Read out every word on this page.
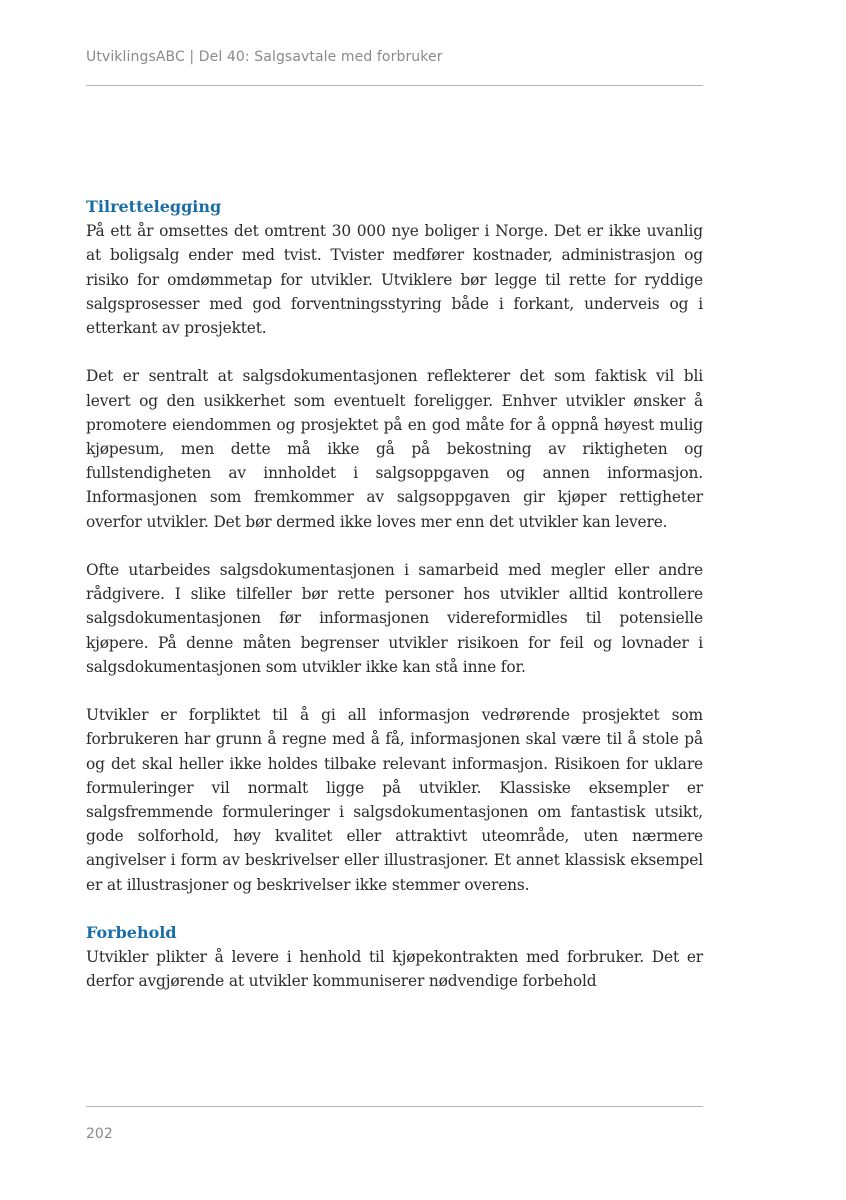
UtviklingsABC | Del 40: Salgsavtale med forbruker
Tilrettelegging

På ett år omsettes det omtrent 30 000 nye boliger i Norge. Det er ikke uvanlig at boligsalg ender med tvist. Tvister medfører kostnader, administrasjon og risiko for omdømmetap for utvikler. Utviklere bør legge til rette for ryddige salgsprosesser med god forventningsstyring både i forkant, underveis og i etterkant av prosjektet.

Det er sentralt at salgsdokumentasjonen reflekterer det som faktisk vil bli levert og den usikkerhet som eventuelt foreligger. Enhver utvikler ønsker å promotere eiendommen og prosjektet på en god måte for å oppnå høyest mulig kjøpesum, men dette må ikke gå på bekostning av riktigheten og fullstendigheten av innholdet i salgsoppgaven og annen informasjon. Informasjonen som fremkommer av salgsoppgaven gir kjøper rettigheter overfor utvikler. Det bør dermed ikke loves mer enn det utvikler kan levere.

Ofte utarbeides salgsdokumentasjonen i samarbeid med megler eller andre rådgivere. I slike tilfeller bør rette personer hos utvikler alltid kontrollere salgsdokumentasjonen før informasjonen videreformidles til potensielle kjøpere. På denne måten begrenser utvikler risikoen for feil og lovnader i salgsdokumentasjonen som utvikler ikke kan stå inne for.

Utvikler er forpliktet til å gi all informasjon vedrørende prosjektet som forbrukeren har grunn å regne med å få, informasjonen skal være til å stole på og det skal heller ikke holdes tilbake relevant informasjon. Risikoen for uklare formuleringer vil normalt ligge på utvikler. Klassiske eksempler er salgsfremmende formuleringer i salgsdokumentasjonen om fantastisk utsikt, gode solforhold, høy kvalitet eller attraktivt uteområde, uten nærmere angivelser i form av beskrivelser eller illustrasjoner. Et annet klassisk eksempel er at illustrasjoner og beskrivelser ikke stemmer overens.

Forbehold

Utvikler plikter å levere i henhold til kjøpekontrakten med forbruker. Det er derfor avgjørende at utvikler kommuniserer nødvendige forbehold

202
